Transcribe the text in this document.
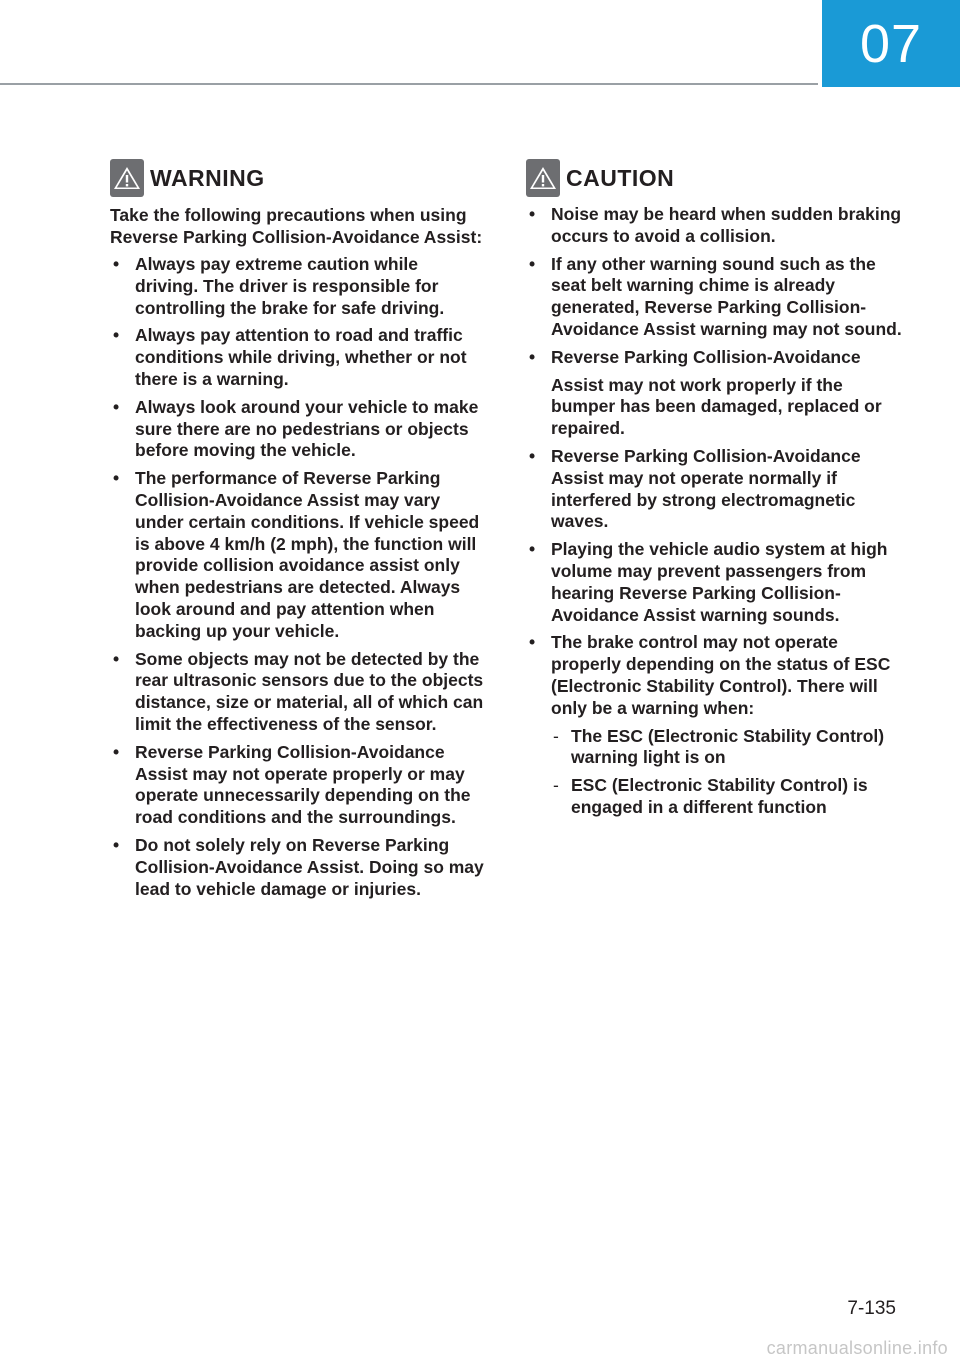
07
WARNING

Take the following precautions when using Reverse Parking Collision-Avoidance Assist:

• Always pay extreme caution while driving. The driver is responsible for controlling the brake for safe driving.
• Always pay attention to road and traffic conditions while driving, whether or not there is a warning.
• Always look around your vehicle to make sure there are no pedestrians or objects before moving the vehicle.
• The performance of Reverse Parking Collision-Avoidance Assist may vary under certain conditions. If vehicle speed is above 4 km/h (2 mph), the function will provide collision avoidance assist only when pedestrians are detected. Always look around and pay attention when backing up your vehicle.
• Some objects may not be detected by the rear ultrasonic sensors due to the objects distance, size or material, all of which can limit the effectiveness of the sensor.
• Reverse Parking Collision-Avoidance Assist may not operate properly or may operate unnecessarily depending on the road conditions and the surroundings.
• Do not solely rely on Reverse Parking Collision-Avoidance Assist. Doing so may lead to vehicle damage or injuries.
CAUTION
• Noise may be heard when sudden braking occurs to avoid a collision.
• If any other warning sound such as the seat belt warning chime is already generated, Reverse Parking Collision-Avoidance Assist warning may not sound.
• Reverse Parking Collision-Avoidance

Assist may not work properly if the bumper has been damaged, replaced or repaired.

• Reverse Parking Collision-Avoidance Assist may not operate normally if interfered by strong electromagnetic waves.
• Playing the vehicle audio system at high volume may prevent passengers from hearing Reverse Parking Collision-Avoidance Assist warning sounds.
• The brake control may not operate properly depending on the status of ESC (Electronic Stability Control). There will only be a warning when:
- The ESC (Electronic Stability Control) warning light is on
- ESC (Electronic Stability Control) is engaged in a different function
7-135
carmanualsonline.info
